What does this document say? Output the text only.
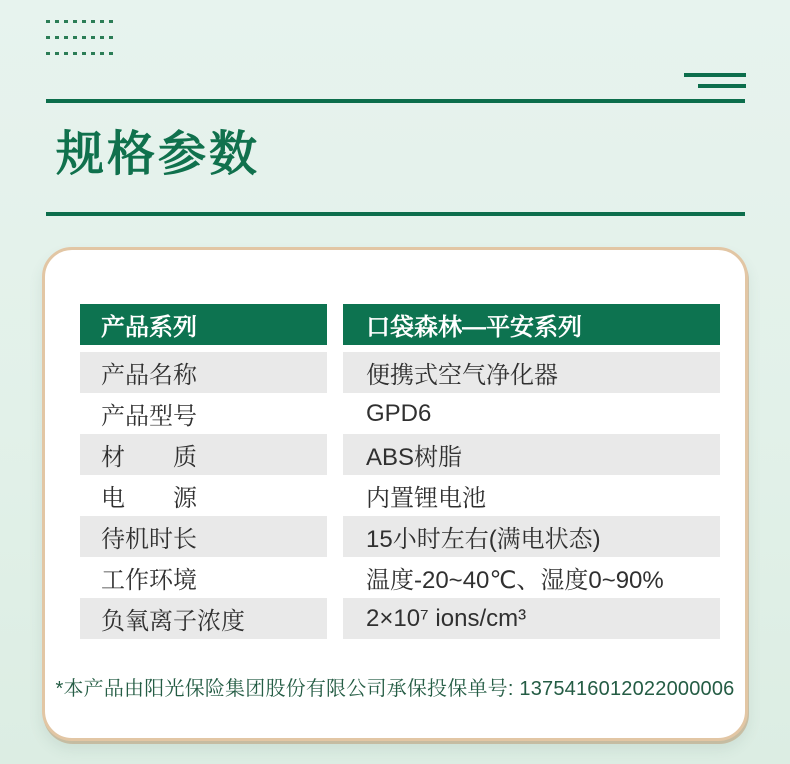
规格参数
产品系列	口袋森林—平安系列
产品名称	便携式空气净化器
产品型号	GPD6
材　　质	ABS树脂
电　　源	内置锂电池
待机时长	15小时左右(满电状态)
工作环境	温度-20~40℃、湿度0~90%
负氧离子浓度	2×10⁷ ions/cm³
*本产品由阳光保险集团股份有限公司承保投保单号: 1375416012022000006
